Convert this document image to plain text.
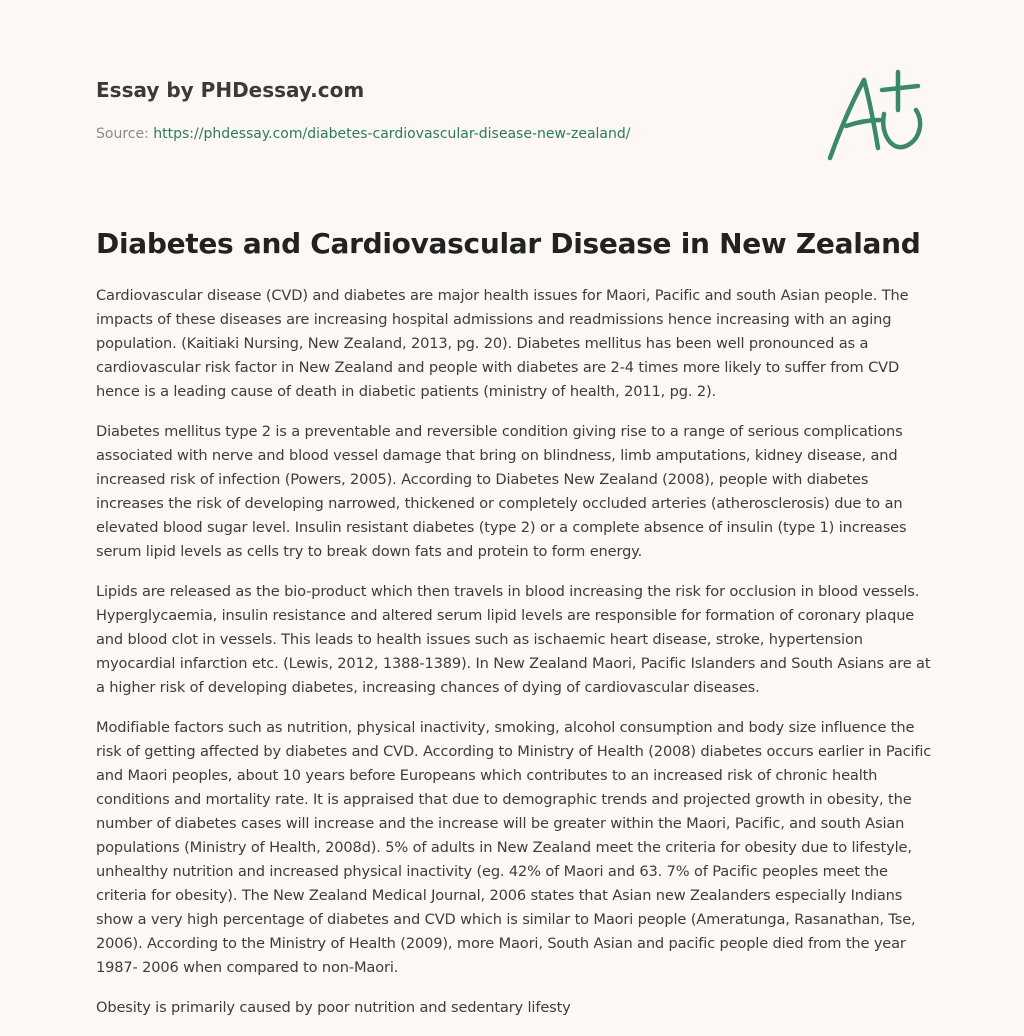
Essay by PHDessay.com

Source: https://phdessay.com/diabetes-cardiovascular-disease-new-zealand/
Diabetes and Cardiovascular Disease in New Zealand

Cardiovascular disease (CVD) and diabetes are major health issues for Maori, Pacific and south Asian people. The impacts of these diseases are increasing hospital admissions and readmissions hence increasing with an aging population. (Kaitiaki Nursing, New Zealand, 2013, pg. 20). Diabetes mellitus has been well pronounced as a cardiovascular risk factor in New Zealand and people with diabetes are 2-4 times more likely to suffer from CVD hence is a leading cause of death in diabetic patients (ministry of health, 2011, pg. 2).

Diabetes mellitus type 2 is a preventable and reversible condition giving rise to a range of serious complications associated with nerve and blood vessel damage that bring on blindness, limb amputations, kidney disease, and increased risk of infection (Powers, 2005). According to Diabetes New Zealand (2008), people with diabetes increases the risk of developing narrowed, thickened or completely occluded arteries (atherosclerosis) due to an elevated blood sugar level. Insulin resistant diabetes (type 2) or a complete absence of insulin (type 1) increases serum lipid levels as cells try to break down fats and protein to form energy.

Lipids are released as the bio-product which then travels in blood increasing the risk for occlusion in blood vessels. Hyperglycaemia, insulin resistance and altered serum lipid levels are responsible for formation of coronary plaque and blood clot in vessels. This leads to health issues such as ischaemic heart disease, stroke, hypertension myocardial infarction etc. (Lewis, 2012, 1388-1389). In New Zealand Maori, Pacific Islanders and South Asians are at a higher risk of developing diabetes, increasing chances of dying of cardiovascular diseases.

Modifiable factors such as nutrition, physical inactivity, smoking, alcohol consumption and body size influence the risk of getting affected by diabetes and CVD. According to Ministry of Health (2008) diabetes occurs earlier in Pacific and Maori peoples, about 10 years before Europeans which contributes to an increased risk of chronic health conditions and mortality rate. It is appraised that due to demographic trends and projected growth in obesity, the number of diabetes cases will increase and the increase will be greater within the Maori, Pacific, and south Asian populations (Ministry of Health, 2008d). 5% of adults in New Zealand meet the criteria for obesity due to lifestyle, unhealthy nutrition and increased physical inactivity (eg. 42% of Maori and 63. 7% of Pacific peoples meet the criteria for obesity). The New Zealand Medical Journal, 2006 states that Asian new Zealanders especially Indians show a very high percentage of diabetes and CVD which is similar to Maori people (Ameratunga, Rasanathan, Tse, 2006). According to the Ministry of Health (2009), more Maori, South Asian and pacific people died from the year 1987- 2006 when compared to non-Maori.

Obesity is primarily caused by poor nutrition and sedentary lifesty
